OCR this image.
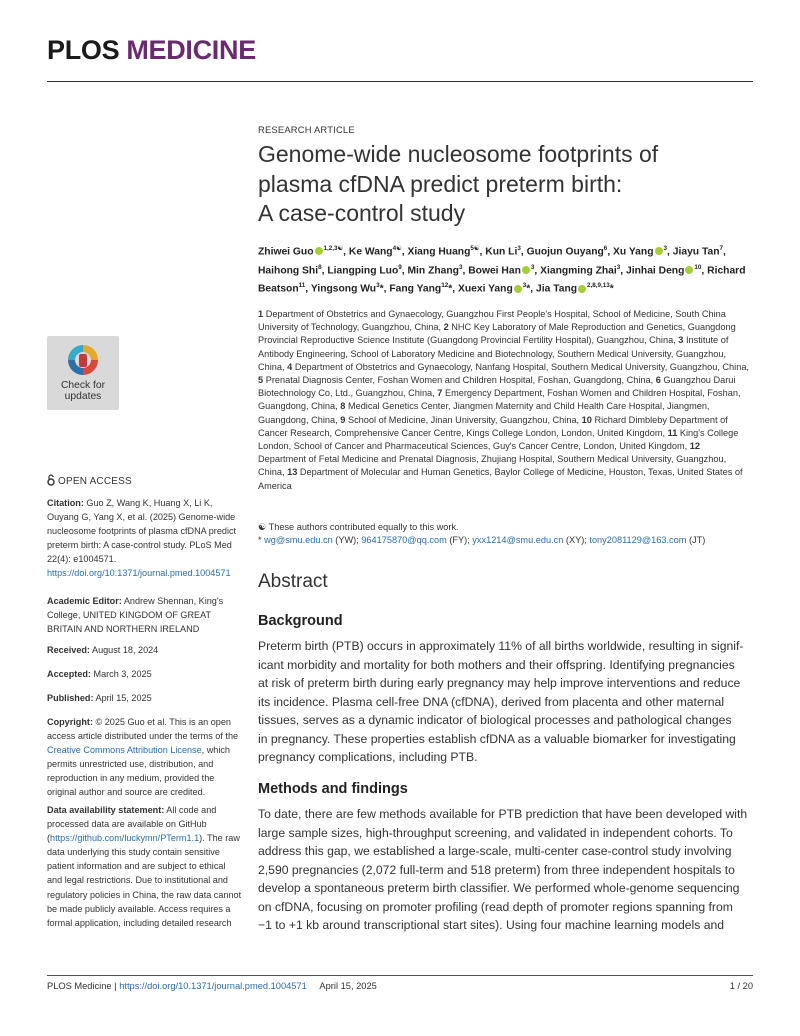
PLOS MEDICINE
Check for updates
OPEN ACCESS
Citation: Guo Z, Wang K, Huang X, Li K, Ouyang G, Yang X, et al. (2025) Genome-wide nucleosome footprints of plasma cfDNA predict preterm birth: A case-control study. PLoS Med 22(4): e1004571. https://doi.org/10.1371/journal.pmed.1004571
Academic Editor: Andrew Shennan, King's College, UNITED KINGDOM OF GREAT BRITAIN AND NORTHERN IRELAND
Received: August 18, 2024
Accepted: March 3, 2025
Published: April 15, 2025
Copyright: © 2025 Guo et al. This is an open access article distributed under the terms of the Creative Commons Attribution License, which permits unrestricted use, distribution, and reproduction in any medium, provided the original author and source are credited.
Data availability statement: All code and processed data are available on GitHub (https://github.com/luckymn/PTerm1.1). The raw data underlying this study contain sensitive patient information and are subject to ethical and legal restrictions. Due to institutional and regulatory policies in China, the raw data cannot be made publicly available. Access requires a formal application, including detailed research
RESEARCH ARTICLE
Genome-wide nucleosome footprints of
plasma cfDNA predict preterm birth:
A case-control study
Zhiwei Guo $^{1,2,3☯}$, Ke Wang$^{4☯}$, Xiang Huang$^{5☯}$, Kun Li$^3$, Guojun Ouyang$^6$, Xu Yang $^3$, Jiayu Tan$^7$, Haihong Shi$^8$, Liangping Luo$^9$, Min Zhang$^3$, Bowei Han $^3$, Xiangming Zhai$^3$, Jinhai Deng $^{10}$, Richard Beatson$^{11}$, Yingsong Wu$^3$*, Fang Yang$^{12}$*, Xuexi Yang $^3$*, Jia Tang $^{2,8,9,13}$*
1 Department of Obstetrics and Gynaecology, Guangzhou First People's Hospital, School of Medicine, South China University of Technology, Guangzhou, China, 2 NHC Key Laboratory of Male Reproduction and Genetics, Guangdong Provincial Reproductive Science Institute (Guangdong Provincial Fertility Hospital), Guangzhou, China, 3 Institute of Antibody Engineering, School of Laboratory Medicine and Biotechnology, Southern Medical University, Guangzhou, China, 4 Department of Obstetrics and Gynaecology, Nanfang Hospital, Southern Medical University, Guangzhou, China, 5 Prenatal Diagnosis Center, Foshan Women and Children Hospital, Foshan, Guangdong, China, 6 Guangzhou Darui Biotechnology Co, Ltd., Guangzhou, China, 7 Emergency Department, Foshan Women and Children Hospital, Foshan, Guangdong, China, 8 Medical Genetics Center, Jiangmen Maternity and Child Health Care Hospital, Jiangmen, Guangdong, China, 9 School of Medicine, Jinan University, Guangzhou, China, 10 Richard Dimbleby Department of Cancer Research, Comprehensive Cancer Centre, Kings College London, London, United Kingdom, 11 King's College London, School of Cancer and Pharmaceutical Sciences, Guy's Cancer Centre, London, United Kingdom, 12 Department of Fetal Medicine and Prenatal Diagnosis, Zhujiang Hospital, Southern Medical University, Guangzhou, China, 13 Department of Molecular and Human Genetics, Baylor College of Medicine, Houston, Texas, United States of America
☯ These authors contributed equally to this work.
* wg@smu.edu.cn (YW); 964175870@qq.com (FY); yxx1214@smu.edu.cn (XY); tony2081129@163.com (JT)
Abstract
Background
Preterm birth (PTB) occurs in approximately 11% of all births worldwide, resulting in signif-
icant morbidity and mortality for both mothers and their offspring. Identifying pregnancies
at risk of preterm birth during early pregnancy may help improve interventions and reduce
its incidence. Plasma cell-free DNA (cfDNA), derived from placenta and other maternal
tissues, serves as a dynamic indicator of biological processes and pathological changes
in pregnancy. These properties establish cfDNA as a valuable biomarker for investigating
pregnancy complications, including PTB.
Methods and findings
To date, there are few methods available for PTB prediction that have been developed with
large sample sizes, high-throughput screening, and validated in independent cohorts. To
address this gap, we established a large-scale, multi-center case-control study involving
2,590 pregnancies (2,072 full-term and 518 preterm) from three independent hospitals to
develop a spontaneous preterm birth classifier. We performed whole-genome sequencing
on cfDNA, focusing on promoter profiling (read depth of promoter regions spanning from
−1 to +1 kb around transcriptional start sites). Using four machine learning models and
PLOS Medicine | https://doi.org/10.1371/journal.pmed.1004571 April 15, 2025	1 / 20
